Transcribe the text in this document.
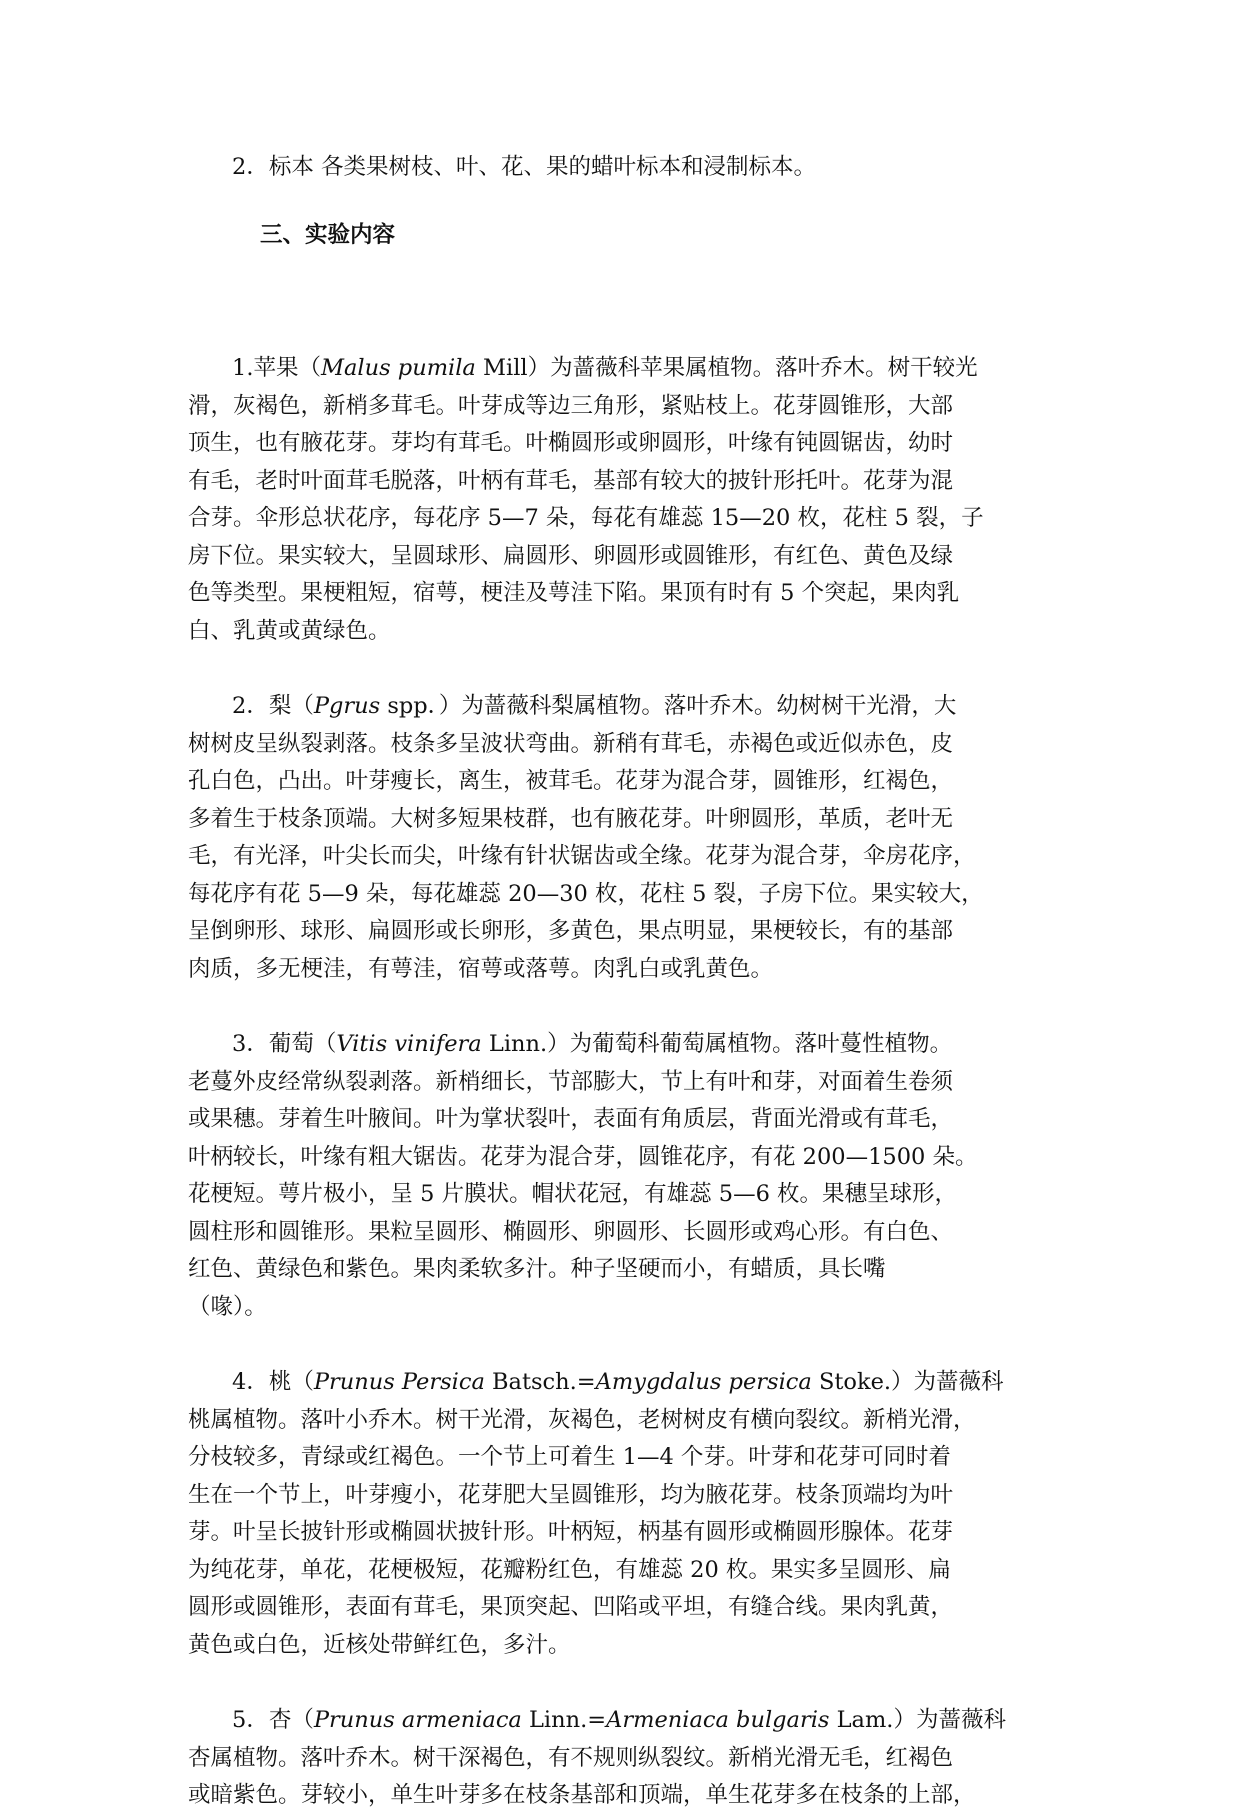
2．标本 各类果树枝、叶、花、果的蜡叶标本和浸制标本。

三、实验内容

1.苹果（Malus pumila Mill）为蔷薇科苹果属植物。落叶乔木。树干较光

滑，灰褐色，新梢多茸毛。叶芽成等边三角形，紧贴枝上。花芽圆锥形，大部

顶生，也有腋花芽。芽均有茸毛。叶椭圆形或卵圆形，叶缘有钝圆锯齿，幼时

有毛，老时叶面茸毛脱落，叶柄有茸毛，基部有较大的披针形托叶。花芽为混

合芽。伞形总状花序，每花序 5—7 朵，每花有雄蕊 15—20 枚，花柱 5 裂，子

房下位。果实较大，呈圆球形、扁圆形、卵圆形或圆锥形，有红色、黄色及绿

色等类型。果梗粗短，宿萼，梗洼及萼洼下陷。果顶有时有 5 个突起，果肉乳

白、乳黄或黄绿色。

2．梨（Pgrus spp．）为蔷薇科梨属植物。落叶乔木。幼树树干光滑，大

树树皮呈纵裂剥落。枝条多呈波状弯曲。新稍有茸毛，赤褐色或近似赤色，皮

孔白色，凸出。叶芽瘦长，离生，被茸毛。花芽为混合芽，圆锥形，红褐色，

多着生于枝条顶端。大树多短果枝群，也有腋花芽。叶卵圆形，革质，老叶无

毛，有光泽，叶尖长而尖，叶缘有针状锯齿或全缘。花芽为混合芽，伞房花序，

每花序有花 5—9 朵，每花雄蕊 20—30 枚，花柱 5 裂，子房下位。果实较大，

呈倒卵形、球形、扁圆形或长卵形，多黄色，果点明显，果梗较长，有的基部

肉质，多无梗洼，有萼洼，宿萼或落萼。肉乳白或乳黄色。

3．葡萄（Vitis vinifera Linn.）为葡萄科葡萄属植物。落叶蔓性植物。

老蔓外皮经常纵裂剥落。新梢细长，节部膨大，节上有叶和芽，对面着生卷须

或果穗。芽着生叶腋间。叶为掌状裂叶，表面有角质层，背面光滑或有茸毛，

叶柄较长，叶缘有粗大锯齿。花芽为混合芽，圆锥花序，有花 200—1500 朵。

花梗短。萼片极小，呈 5 片膜状。帽状花冠，有雄蕊 5—6 枚。果穗呈球形，

圆柱形和圆锥形。果粒呈圆形、椭圆形、卵圆形、长圆形或鸡心形。有白色、

红色、黄绿色和紫色。果肉柔软多汁。种子坚硬而小，有蜡质，具长嘴

（喙）。

4．桃（Prunus Persica Batsch.=Amygdalus persica Stoke.）为蔷薇科

桃属植物。落叶小乔木。树干光滑，灰褐色，老树树皮有横向裂纹。新梢光滑，

分枝较多，青绿或红褐色。一个节上可着生 1—4 个芽。叶芽和花芽可同时着

生在一个节上，叶芽瘦小，花芽肥大呈圆锥形，均为腋花芽。枝条顶端均为叶

芽。叶呈长披针形或椭圆状披针形。叶柄短，柄基有圆形或椭圆形腺体。花芽

为纯花芽，单花，花梗极短，花瓣粉红色，有雄蕊 20 枚。果实多呈圆形、扁

圆形或圆锥形，表面有茸毛，果顶突起、凹陷或平坦，有缝合线。果肉乳黄，

黄色或白色，近核处带鲜红色，多汁。

5．杏（Prunus armeniaca Linn.=Armeniaca bulgaris Lam.）为蔷薇科

杏属植物。落叶乔木。树干深褐色，有不规则纵裂纹。新梢光滑无毛，红褐色

或暗紫色。芽较小，单生叶芽多在枝条基部和顶端，单生花芽多在枝条的上部，
